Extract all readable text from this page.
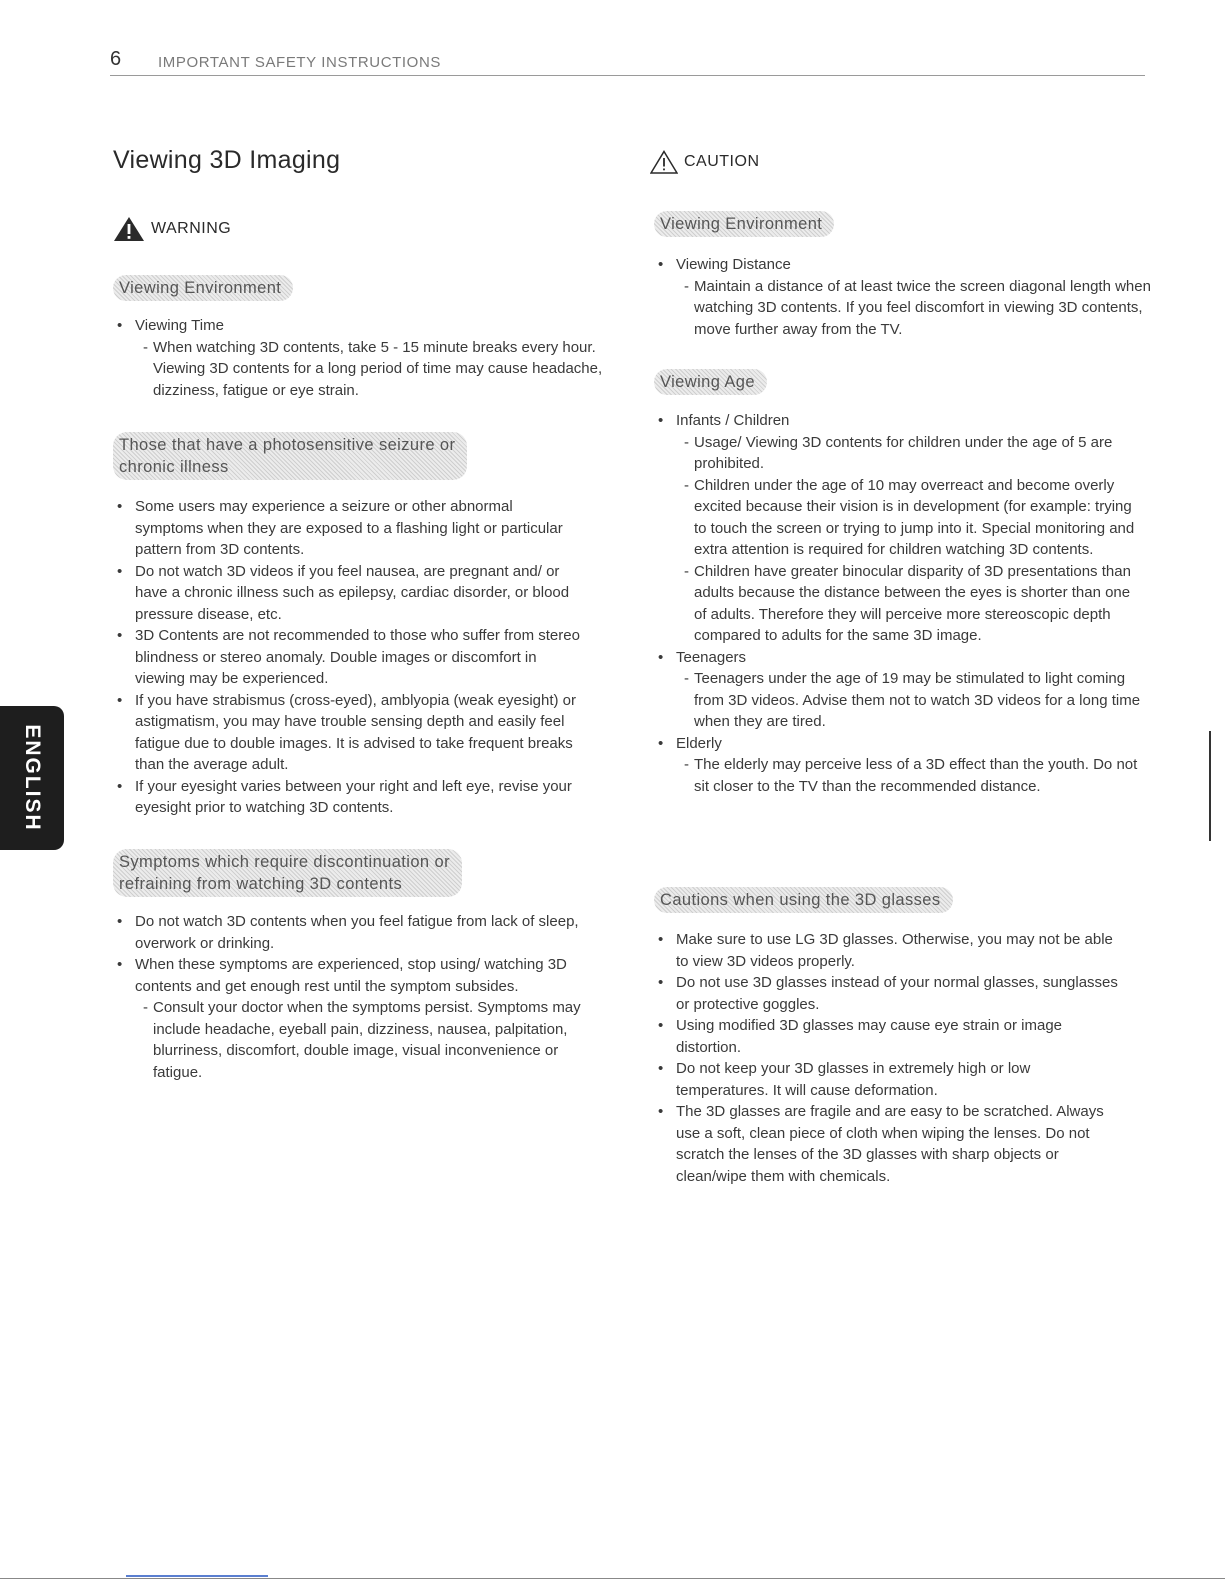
6 IMPORTANT SAFETY INSTRUCTIONS
ENGLISH
Viewing 3D Imaging
WARNING
Viewing Environment
• Viewing Time
- When watching 3D contents, take 5 - 15 minute breaks every hour. Viewing 3D contents for a long period of time may cause headache, dizziness, fatigue or eye strain.
Those that have a photosensitive seizure or
chronic illness
• Some users may experience a seizure or other abnormal symptoms when they are exposed to a flashing light or particular pattern from 3D contents.
• Do not watch 3D videos if you feel nausea, are pregnant and/ or have a chronic illness such as epilepsy, cardiac disorder, or blood pressure disease, etc.
• 3D Contents are not recommended to those who suffer from stereo blindness or stereo anomaly. Double images or discomfort in viewing may be experienced.
• If you have strabismus (cross-eyed), amblyopia (weak eyesight) or astigmatism, you may have trouble sensing depth and easily feel fatigue due to double images. It is advised to take frequent breaks than the average adult.
• If your eyesight varies between your right and left eye, revise your eyesight prior to watching 3D contents.
Symptoms which require discontinuation or
refraining from watching 3D contents
• Do not watch 3D contents when you feel fatigue from lack of sleep, overwork or drinking.
• When these symptoms are experienced, stop using/ watching 3D contents and get enough rest until the symptom subsides.
- Consult your doctor when the symptoms persist. Symptoms may include headache, eyeball pain, dizziness, nausea, palpitation, blurriness, discomfort, double image, visual inconvenience or fatigue.
CAUTION
Viewing Environment
• Viewing Distance
- Maintain a distance of at least twice the screen diagonal length when watching 3D contents. If you feel discomfort in viewing 3D contents, move further away from the TV.
Viewing Age
• Infants / Children
- Usage/ Viewing 3D contents for children under the age of 5 are prohibited.
- Children under the age of 10 may overreact and become overly excited because their vision is in development (for example: trying to touch the screen or trying to jump into it. Special monitoring and extra attention is required for children watching 3D contents.
- Children have greater binocular disparity of 3D presentations than adults because the distance between the eyes is shorter than one of adults. Therefore they will perceive more stereoscopic depth compared to adults for the same 3D image.
• Teenagers
- Teenagers under the age of 19 may be stimulated to light coming from 3D videos. Advise them not to watch 3D videos for a long time when they are tired.
• Elderly
- The elderly may perceive less of a 3D effect than the youth. Do not sit closer to the TV than the recommended distance.
Cautions when using the 3D glasses
• Make sure to use LG 3D glasses. Otherwise, you may not be able to view 3D videos properly.
• Do not use 3D glasses instead of your normal glasses, sunglasses or protective goggles.
• Using modified 3D glasses may cause eye strain or image distortion.
• Do not keep your 3D glasses in extremely high or low temperatures. It will cause deformation.
• The 3D glasses are fragile and are easy to be scratched. Always use a soft, clean piece of cloth when wiping the lenses. Do not scratch the lenses of the 3D glasses with sharp objects or clean/wipe them with chemicals.
